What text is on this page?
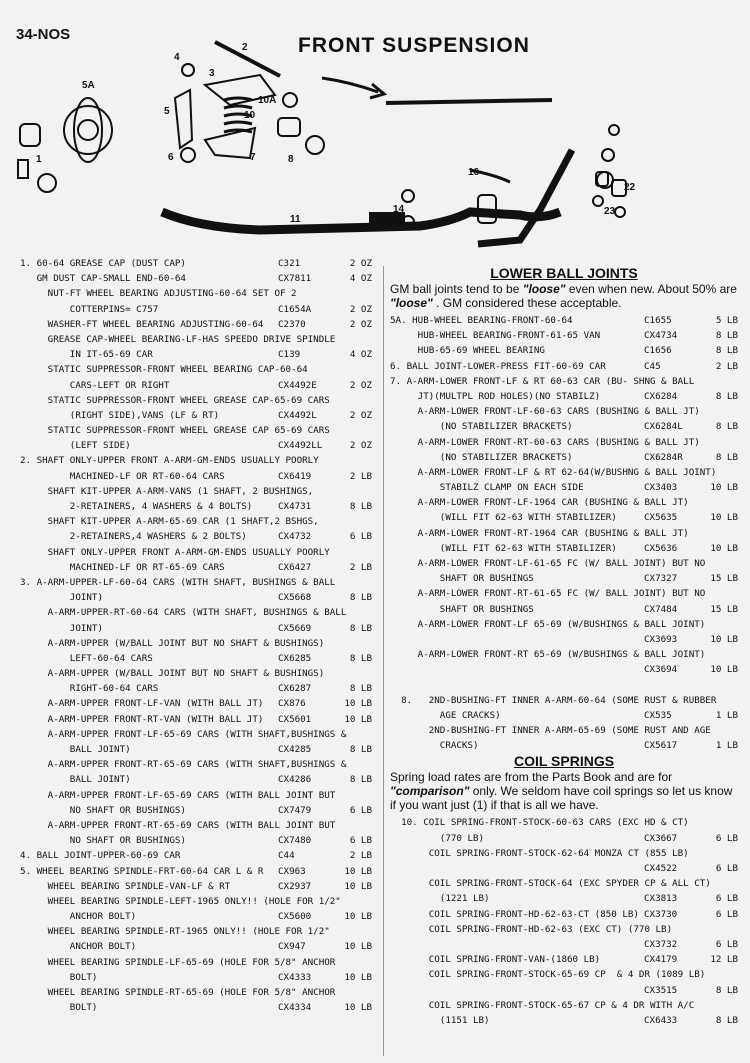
34-NOS	FRONT SUSPENSION
5A
1
2
3
4
5
6	7	8
10
10A
11
14
16
22
23
1. 60-64 GREASE CAP (DUST CAP)	C321	2 OZ
GM DUST CAP-SMALL END-60-64	CX7811	4 OZ
NUT-FT WHEEL BEARING ADJUSTING-60-64 SET OF 2
COTTERPINS= C757	C1654A	2 OZ
WASHER-FT WHEEL BEARING ADJUSTING-60-64 C2370	2 OZ
GREASE CAP-WHEEL BEARING-LF-HAS SPEEDO DRIVE SPINDLE
IN IT-65-69 CAR	C139	4 OZ
STATIC SUPPRESSOR-FRONT WHEEL BEARING CAP-60-64
CARS-LEFT OR RIGHT	CX4492E	2 OZ
STATIC SUPPRESSOR-FRONT WHEEL GREASE CAP-65-69 CARS
(RIGHT SIDE),VANS (LF & RT)	CX4492L	2 OZ
STATIC SUPPRESSOR-FRONT WHEEL GREASE CAP 65-69 CARS
(LEFT SIDE)	CX4492LL	2 OZ
2. SHAFT ONLY-UPPER FRONT A-ARM-GM-ENDS USUALLY POORLY
MACHINED-LF OR RT-60-64 CARS	CX6419	2 LB
SHAFT KIT-UPPER A-ARM-VANS (1 SHAFT, 2 BUSHINGS,
2-RETAINERS, 4 WASHERS & 4 BOLTS)	CX4731	8 LB
SHAFT KIT-UPPER A-ARM-65-69 CAR (1 SHAFT,2 BSHGS,
2-RETAINERS,4 WASHERS & 2 BOLTS)	CX4732	6 LB
SHAFT ONLY-UPPER FRONT A-ARM-GM-ENDS USUALLY POORLY
MACHINED-LF OR RT-65-69 CARS	CX6427	2 LB
3. A-ARM-UPPER-LF-60-64 CARS (WITH SHAFT, BUSHINGS & BALL
JOINT)	CX5668	8 LB
A-ARM-UPPER-RT-60-64 CARS (WITH SHAFT, BUSHINGS & BALL
JOINT)	CX5669	8 LB
A-ARM-UPPER (W/BALL JOINT BUT NO SHAFT & BUSHINGS)
LEFT-60-64 CARS	CX6285	8 LB
A-ARM-UPPER (W/BALL JOINT BUT NO SHAFT & BUSHINGS)
RIGHT-60-64 CARS	CX6287	8 LB
A-ARM-UPPER FRONT-LF-VAN (WITH BALL JT) CX876	10 LB
A-ARM-UPPER FRONT-RT-VAN (WITH BALL JT) CX5601	10 LB
A-ARM-UPPER FRONT-LF-65-69 CARS (WITH SHAFT,BUSHINGS &
BALL JOINT)	CX4285	8 LB
A-ARM-UPPER FRONT-RT-65-69 CARS (WITH SHAFT,BUSHINGS &
BALL JOINT)	CX4286	8 LB
A-ARM-UPPER FRONT-LF-65-69 CARS (WITH BALL JOINT BUT
NO SHAFT OR BUSHINGS)	CX7479	6 LB
A-ARM-UPPER FRONT-RT-65-69 CARS (WITH BALL JOINT BUT
NO SHAFT OR BUSHINGS)	CX7480	6 LB
4. BALL JOINT-UPPER-60-69 CAR	C44	2 LB
5. WHEEL BEARING SPINDLE-FRT-60-64 CAR L & R CX963	10 LB
WHEEL BEARING SPINDLE-VAN-LF & RT	CX2937	10 LB
WHEEL BEARING SPINDLE-LEFT-1965 ONLY!! (HOLE FOR 1/2"
ANCHOR BOLT)	CX5600	10 LB
WHEEL BEARING SPINDLE-RT-1965 ONLY!! (HOLE FOR 1/2"
ANCHOR BOLT)	CX947	10 LB
WHEEL BEARING SPINDLE-LF-65-69 (HOLE FOR 5/8" ANCHOR
BOLT)	CX4333	10 LB
WHEEL BEARING SPINDLE-RT-65-69 (HOLE FOR 5/8" ANCHOR
BOLT)	CX4334	10 LB
LOWER BALL JOINTS
GM ball joints tend to be "loose" even when new. About 50% are "loose" . GM considered these acceptable.
5A. HUB-WHEEL BEARING-FRONT-60-64	C1655	5 LB
HUB-WHEEL BEARING-FRONT-61-65 VAN	CX4734	8 LB
HUB-65-69 WHEEL BEARING	C1656	8 LB
6. BALL JOINT-LOWER-PRESS FIT-60-69 CAR	C45	2 LB
7. A-ARM-LOWER FRONT-LF & RT 60-63 CAR (BU- SHNG & BALL
JT)(MULTPL ROD HOLES)(NO STABILZ)	CX6284	8 LB
A-ARM-LOWER FRONT-LF-60-63 CARS (BUSHING & BALL JT)
(NO STABILIZER BRACKETS)	CX6284L	8 LB
A-ARM-LOWER FRONT-RT-60-63 CARS (BUSHING & BALL JT)
(NO STABILIZER BRACKETS)	CX6284R	8 LB
A-ARM-LOWER FRONT-LF & RT 62-64(W/BUSHNG & BALL JOINT)
STABILZ CLAMP ON EACH SIDE	CX3403	10 LB
A-ARM-LOWER FRONT-LF-1964 CAR (BUSHING & BALL JT)
(WILL FIT 62-63 WITH STABILIZER)	CX5635	10 LB
A-ARM-LOWER FRONT-RT-1964 CAR (BUSHING & BALL JT)
(WILL FIT 62-63 WITH STABILIZER)	CX5636	10 LB
A-ARM-LOWER FRONT-LF-61-65 FC (W/ BALL JOINT) BUT NO
SHAFT OR BUSHINGS	CX7327	15 LB
A-ARM-LOWER FRONT-RT-61-65 FC (W/ BALL JOINT) BUT NO
SHAFT OR BUSHINGS	CX7484	15 LB
A-ARM-LOWER FRONT-LF 65-69 (W/BUSHINGS & BALL JOINT)
CX3693	10 LB
A-ARM-LOWER FRONT-RT 65-69 (W/BUSHINGS & BALL JOINT)
CX3694	10 LB
8.   2ND-BUSHING-FT INNER A-ARM-60-64 (SOME RUST & RUBBER
AGE CRACKS)	CX535	1 LB
2ND-BUSHING-FT INNER A-ARM-65-69 (SOME RUST AND AGE
CRACKS)	CX5617	1 LB
COIL SPRINGS
Spring load rates are from the Parts Book and are for "comparison" only. We seldom have coil springs so let us know if you want just (1) if that is all we have.
10. COIL SPRING-FRONT-STOCK-60-63 CARS (EXC HD & CT)
(770 LB)	CX3667	6 LB
COIL SPRING-FRONT-STOCK-62-64 MONZA CT (855 LB)
CX4522	6 LB
COIL SPRING-FRONT-STOCK-64 (EXC SPYDER CP & ALL CT)
(1221 LB)	CX3813	6 LB
COIL SPRING-FRONT-HD-62-63-CT (850 LB) CX3730	6 LB
COIL SPRING-FRONT-HD-62-63 (EXC CT) (770 LB)
CX3732	6 LB
COIL SPRING-FRONT-VAN-(1860 LB)	CX4179	12 LB
COIL SPRING-FRONT-STOCK-65-69 CP  & 4 DR (1089 LB)
CX3515	8 LB
COIL SPRING-FRONT-STOCK-65-67 CP & 4 DR WITH A/C
(1151 LB)	CX6433	8 LB
